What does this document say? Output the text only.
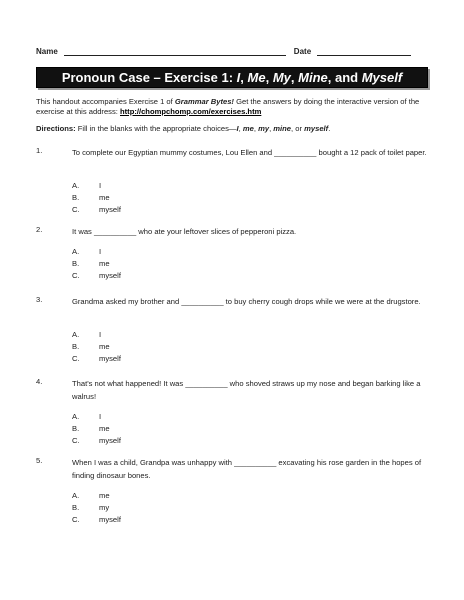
Name	Date
Pronoun Case – Exercise 1: I, Me, My, Mine, and Myself
This handout accompanies Exercise 1 of Grammar Bytes! Get the answers by doing the interactive version of the exercise at this address: http://chompchomp.com/exercises.htm
Directions: Fill in the blanks with the appropriate choices—I, me, my, mine, or myself.
1.	To complete our Egyptian mummy costumes, Lou Ellen and __________ bought a 12 pack of toilet paper.
A.	I
B.	me
C.	myself
2.	It was __________ who ate your leftover slices of pepperoni pizza.
A.	I
B.	me
C.	myself
3.	Grandma asked my brother and __________ to buy cherry cough drops while we were at the drugstore.
A.	I
B.	me
C.	myself
4.	That's not what happened! It was __________ who shoved straws up my nose and began barking like a walrus!
A.	I
B.	me
C.	myself
5.	When I was a child, Grandpa was unhappy with __________ excavating his rose garden in the hopes of finding dinosaur bones.
A.	me
B.	my
C.	myself
